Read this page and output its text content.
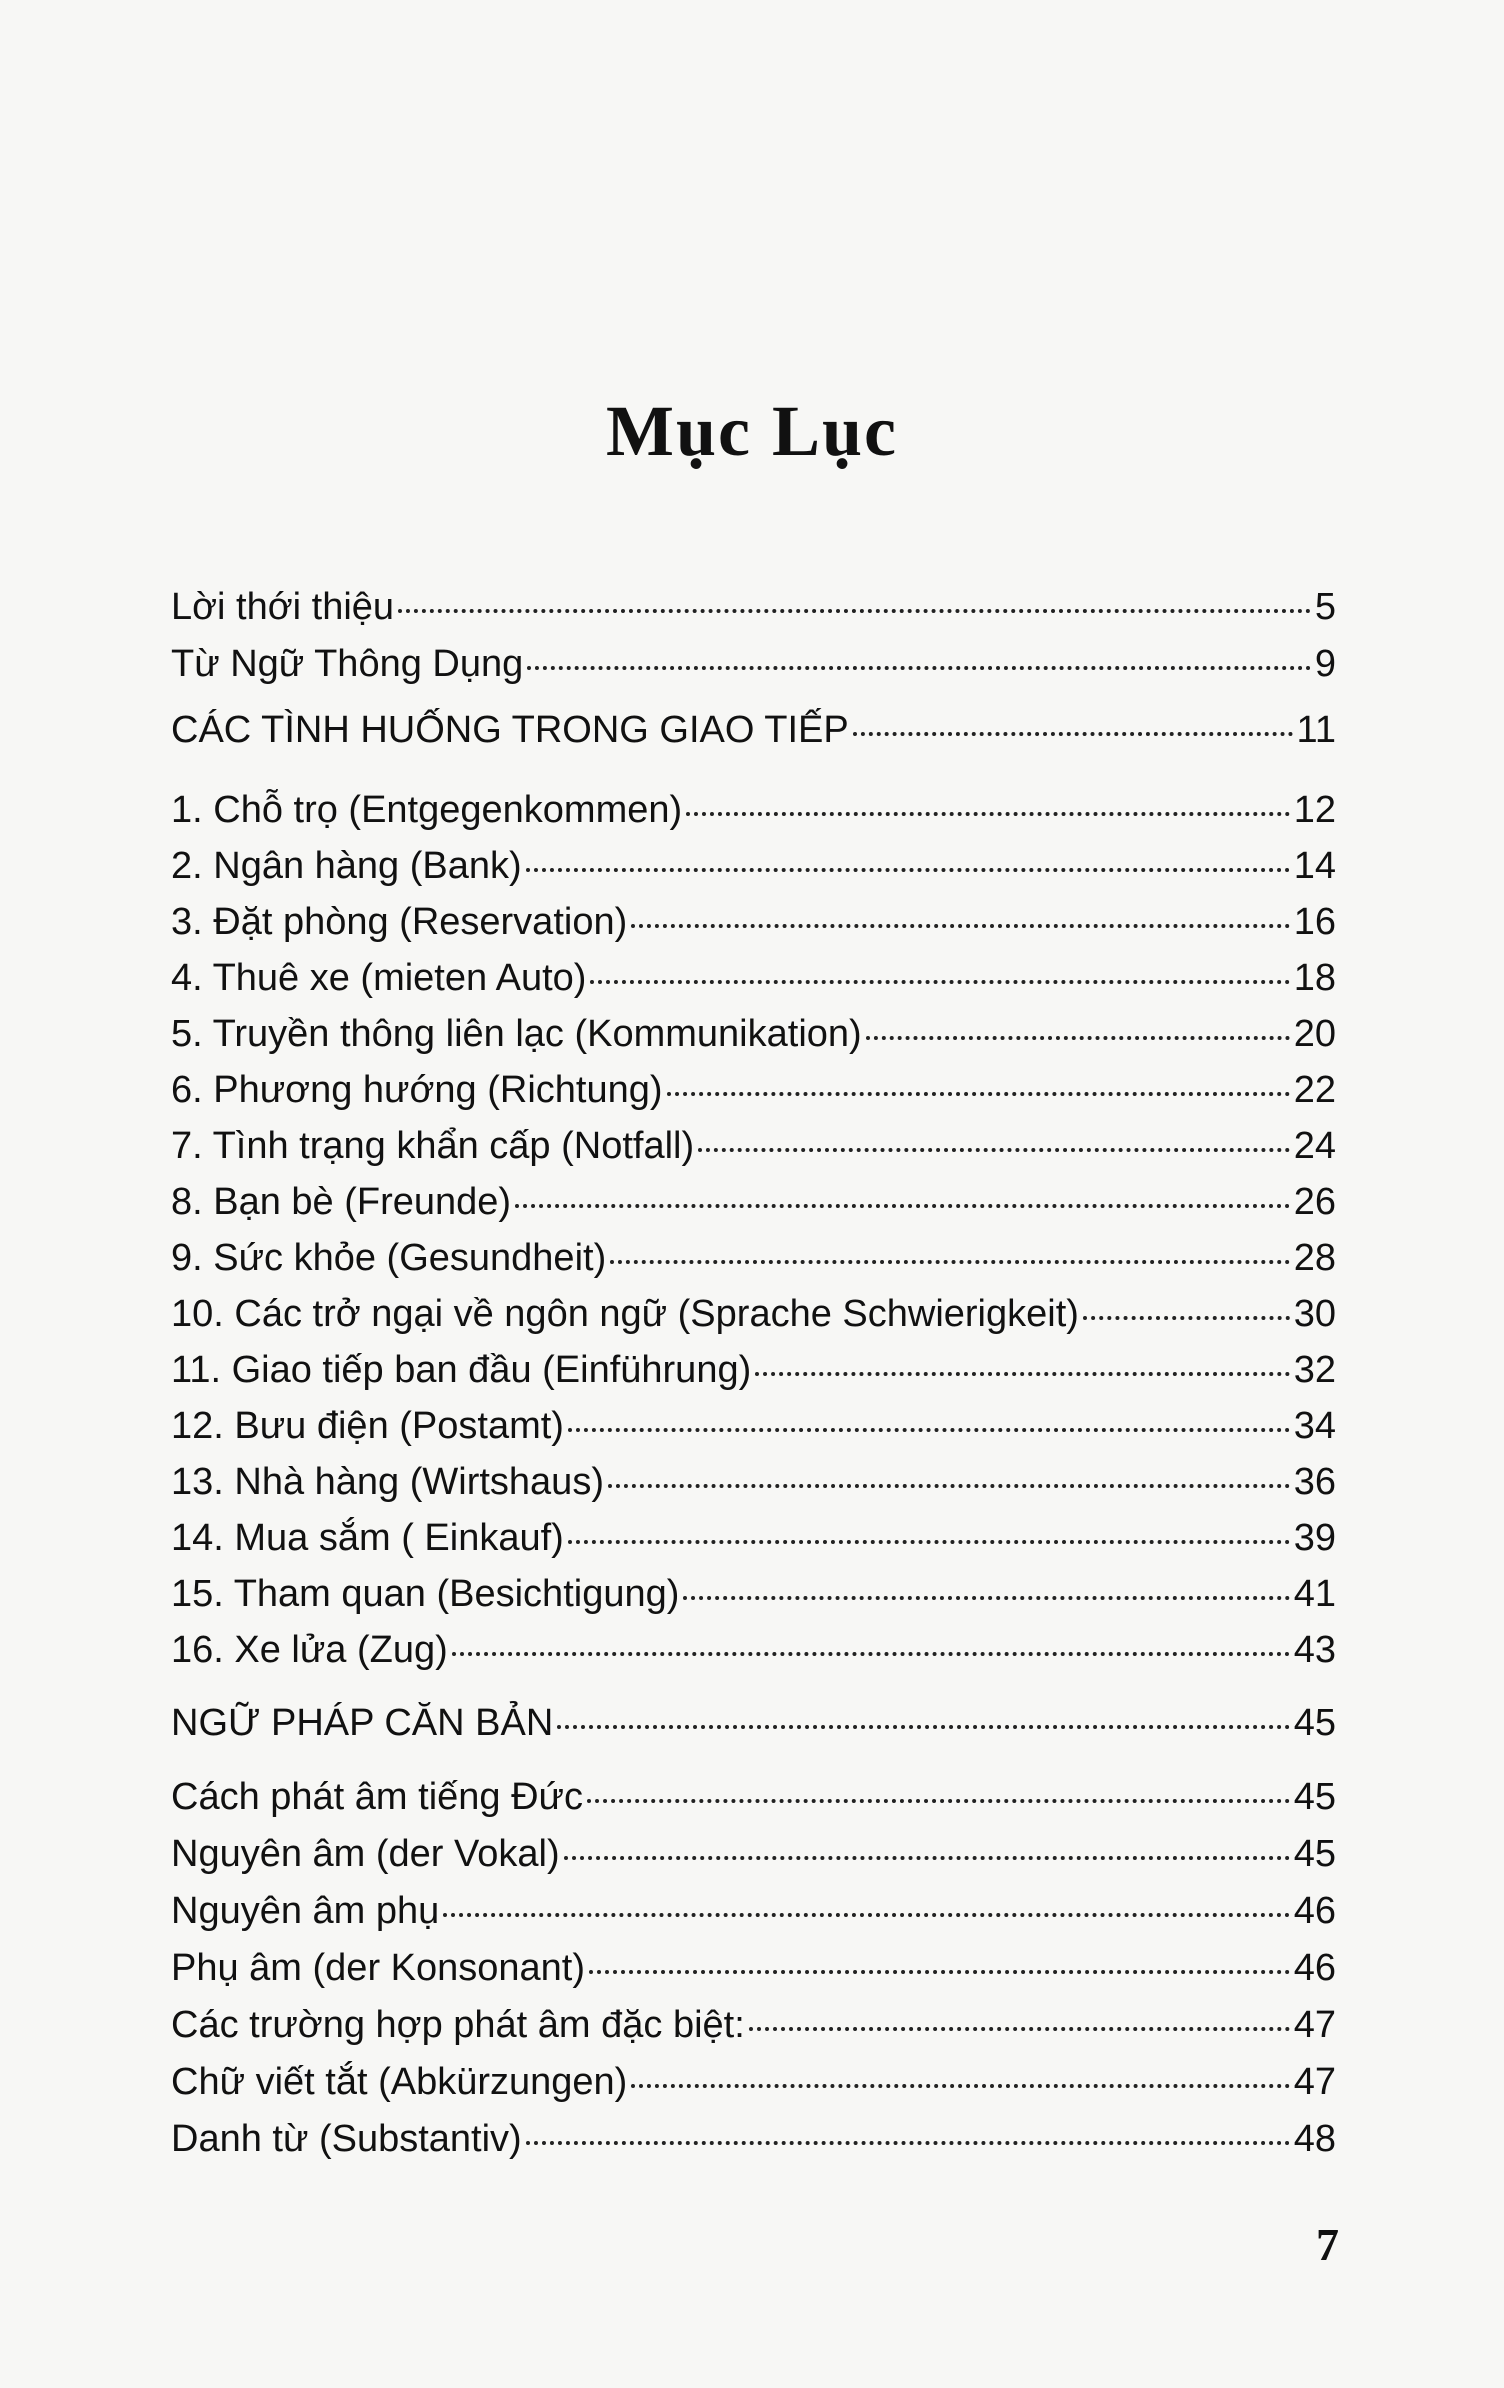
Mục Lục
Lời thới thiệu	5
Từ Ngữ Thông Dụng	9
CÁC TÌNH HUỐNG TRONG GIAO TIẾP	11
1. Chỗ trọ (Entgegenkommen)	12
2. Ngân hàng (Bank)	14
3. Đặt phòng (Reservation)	16
4. Thuê xe (mieten Auto)	18
5. Truyền thông liên lạc (Kommunikation)	20
6. Phương hướng (Richtung)	22
7. Tình trạng khẩn cấp (Notfall)	24
8. Bạn bè (Freunde)	26
9. Sức khỏe (Gesundheit)	28
10. Các trở ngại về ngôn ngữ (Sprache Schwierigkeit)	30
11. Giao tiếp ban đầu (Einführung)	32
12. Bưu điện (Postamt)	34
13. Nhà hàng (Wirtshaus)	36
14. Mua sắm ( Einkauf)	39
15. Tham quan (Besichtigung)	41
16. Xe lửa (Zug)	43
NGỮ PHÁP CĂN BẢN	45
Cách phát âm tiếng Đức	45
Nguyên âm (der Vokal)	45
Nguyên âm phụ	46
Phụ âm (der Konsonant)	46
Các trường hợp phát âm đặc biệt:	47
Chữ viết tắt (Abkürzungen)	47
Danh từ (Substantiv)	48
7
